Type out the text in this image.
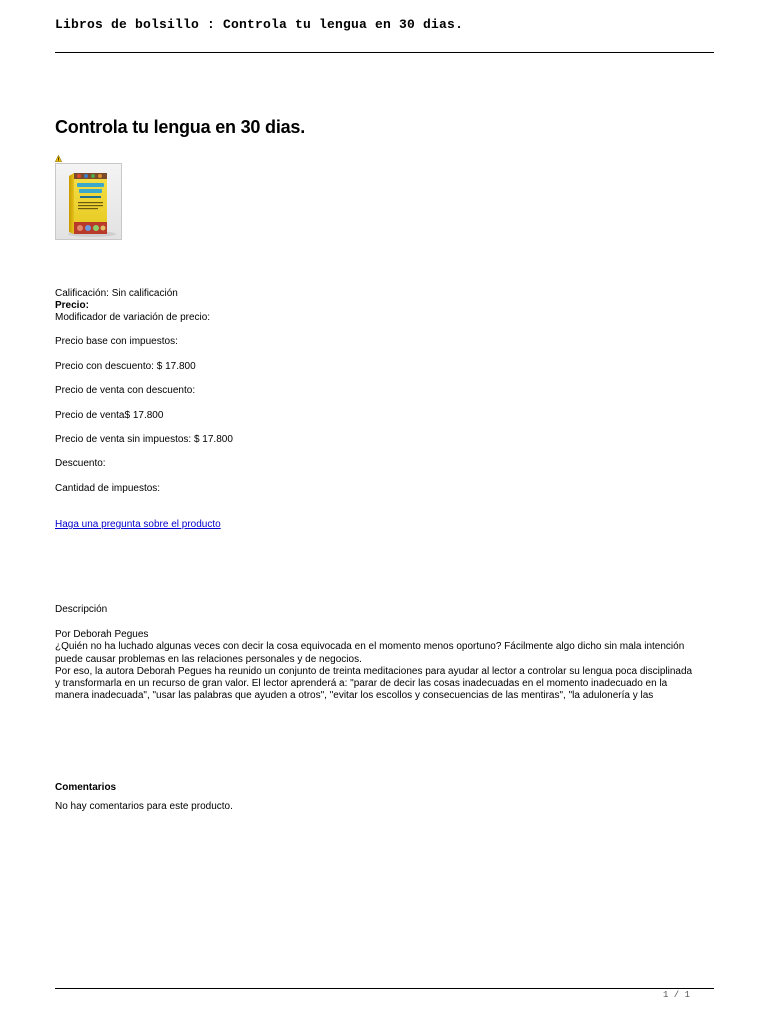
Libros de bolsillo : Controla tu lengua en 30 dias.
Controla tu lengua en 30 dias.

Calificación: Sin calificación

Precio:

Modificador de variación de precio:

Precio base con impuestos:

Precio con descuento: $ 17.800

Precio de venta con descuento:

Precio de venta$ 17.800

Precio de venta sin impuestos: $ 17.800

Descuento:

Cantidad de impuestos:

Haga una pregunta sobre el producto
Descripción

Por Deborah Pegues

¿Quién no ha luchado algunas veces con decir la cosa equivocada en el momento menos oportuno? Fácilmente algo dicho sin mala intención

puede causar problemas en las relaciones personales y de negocios.

Por eso, la autora Deborah Pegues ha reunido un conjunto de treinta meditaciones para ayudar al lector a controlar su lengua poca disciplinada

y transformarla en un recurso de gran valor. El lector aprenderá a: "parar de decir las cosas inadecuadas en el momento inadecuado en la

manera inadecuada", "usar las palabras que ayuden a otros", "evitar los escollos y consecuencias de las mentiras", "la adulonería y las

Comentarios
No hay comentarios para este producto.
1 / 1
